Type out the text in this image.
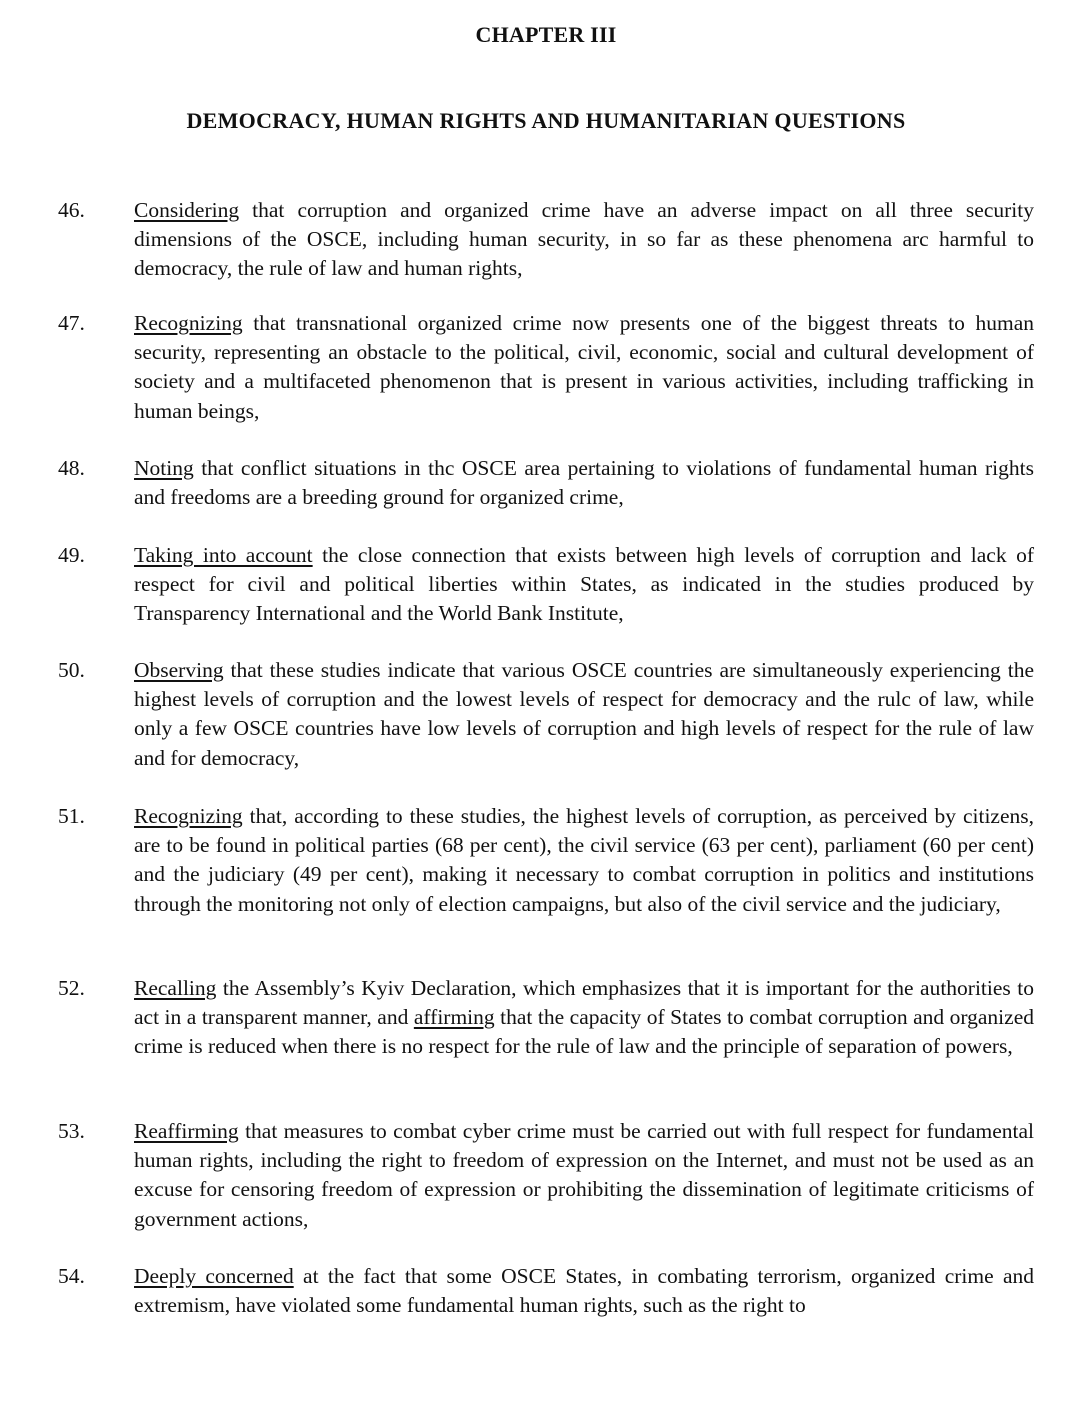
CHAPTER III
DEMOCRACY, HUMAN RIGHTS AND HUMANITARIAN QUESTIONS
46.	Considering that corruption and organized crime have an adverse impact on all three security dimensions of the OSCE, including human security, in so far as these phenomena arc harmful to democracy, the rule of law and human rights,
47.	Recognizing that transnational organized crime now presents one of the biggest threats to human security, representing an obstacle to the political, civil, economic, social and cultural development of society and a multifaceted phenomenon that is present in various activities, including trafficking in human beings,
48.	Noting that conflict situations in thc OSCE area pertaining to violations of fundamental human rights and freedoms are a breeding ground for organized crime,
49.	Taking into account the close connection that exists between high levels of corruption and lack of respect for civil and political liberties within States, as indicated in the studies produced by Transparency International and the World Bank Institute,
50.	Observing that these studies indicate that various OSCE countries are simultaneously experiencing the highest levels of corruption and the lowest levels of respect for democracy and the rulc of law, while only a few OSCE countries have low levels of corruption and high levels of respect for the rule of law and for democracy,
51.	Recognizing that, according to these studies, the highest levels of corruption, as perceived by citizens, are to be found in political parties (68 per cent), the civil service (63 per cent), parliament (60 per cent) and the judiciary (49 per cent), making it necessary to combat corruption in politics and institutions through the monitoring not only of election campaigns, but also of the civil service and the judiciary,
52.	Recalling the Assembly’s Kyiv Declaration, which emphasizes that it is important for the authorities to act in a transparent manner, and affirming that the capacity of States to combat corruption and organized crime is reduced when there is no respect for the rule of law and the principle of separation of powers,
53.	Reaffirming that measures to combat cyber crime must be carried out with full respect for fundamental human rights, including the right to freedom of expression on the Internet, and must not be used as an excuse for censoring freedom of expression or prohibiting the dissemination of legitimate criticisms of government actions,
54.	Deeply concerned at the fact that some OSCE States, in combating terrorism, organized crime and extremism, have violated some fundamental human rights, such as the right to
